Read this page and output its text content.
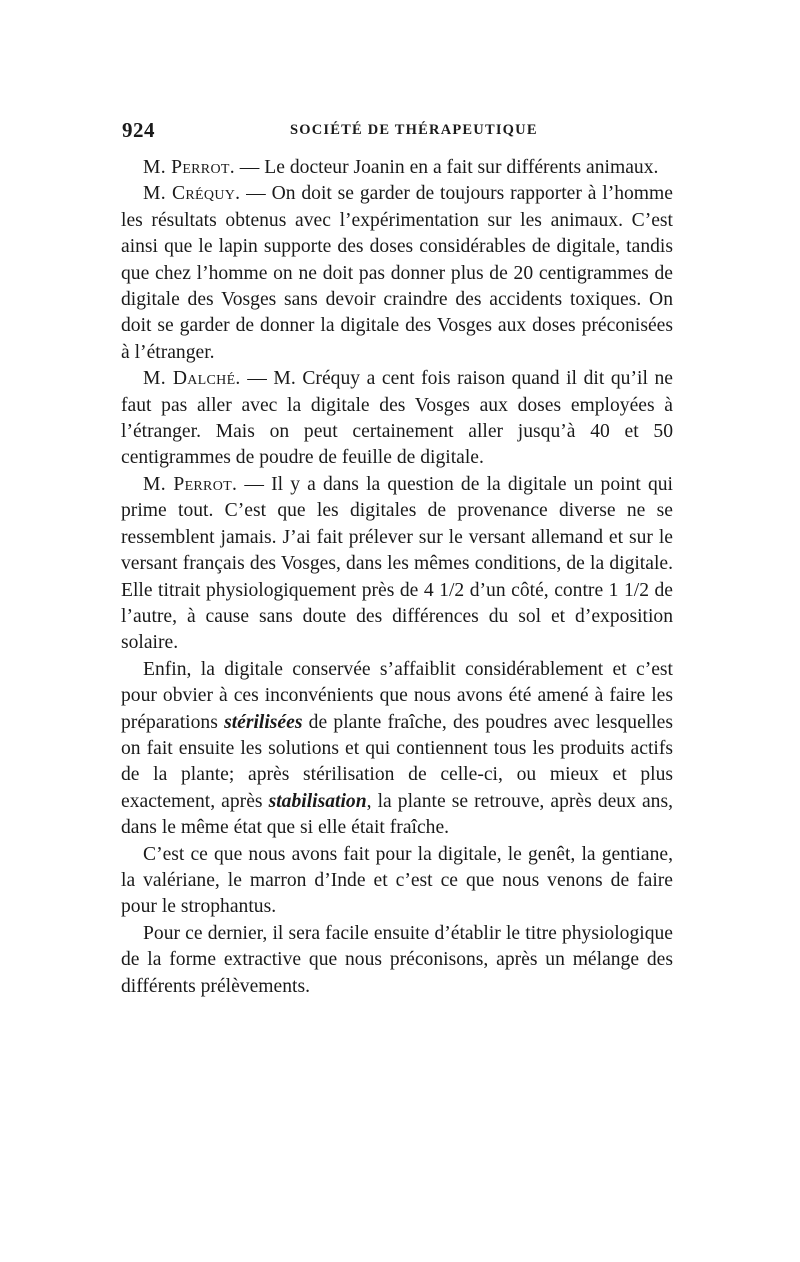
924	SOCIÉTÉ DE THÉRAPEUTIQUE

M. Perrot. — Le docteur Joanin en a fait sur différents animaux.

M. Créquy. — On doit se garder de toujours rapporter à l’homme les résultats obtenus avec l’expérimentation sur les animaux. C’est ainsi que le lapin supporte des doses considérables de digitale, tandis que chez l’homme on ne doit pas donner plus de 20 centigrammes de digitale des Vosges sans devoir craindre des accidents toxiques. On doit se garder de donner la digitale des Vosges aux doses préconisées à l’étranger.

M. Dalché. — M. Créquy a cent fois raison quand il dit qu’il ne faut pas aller avec la digitale des Vosges aux doses employées à l’étranger. Mais on peut certainement aller jusqu’à 40 et 50 centigrammes de poudre de feuille de digitale.

M. Perrot. — Il y a dans la question de la digitale un point qui prime tout. C’est que les digitales de provenance diverse ne se ressemblent jamais. J’ai fait prélever sur le versant allemand et sur le versant français des Vosges, dans les mêmes conditions, de la digitale. Elle titrait physiologiquement près de 4 1/2 d’un côté, contre 1 1/2 de l’autre, à cause sans doute des différences du sol et d’exposition solaire.

Enfin, la digitale conservée s’affaiblit considérablement et c’est pour obvier à ces inconvénients que nous avons été amené à faire les préparations stérilisées de plante fraîche, des poudres avec lesquelles on fait ensuite les solutions et qui contiennent tous les produits actifs de la plante; après stérilisation de celle-ci, ou mieux et plus exactement, après stabilisation, la plante se retrouve, après deux ans, dans le même état que si elle était fraîche.

C’est ce que nous avons fait pour la digitale, le genêt, la gentiane, la valériane, le marron d’Inde et c’est ce que nous venons de faire pour le strophantus.

Pour ce dernier, il sera facile ensuite d’établir le titre physiologique de la forme extractive que nous préconisons, après un mélange des différents prélèvements.
